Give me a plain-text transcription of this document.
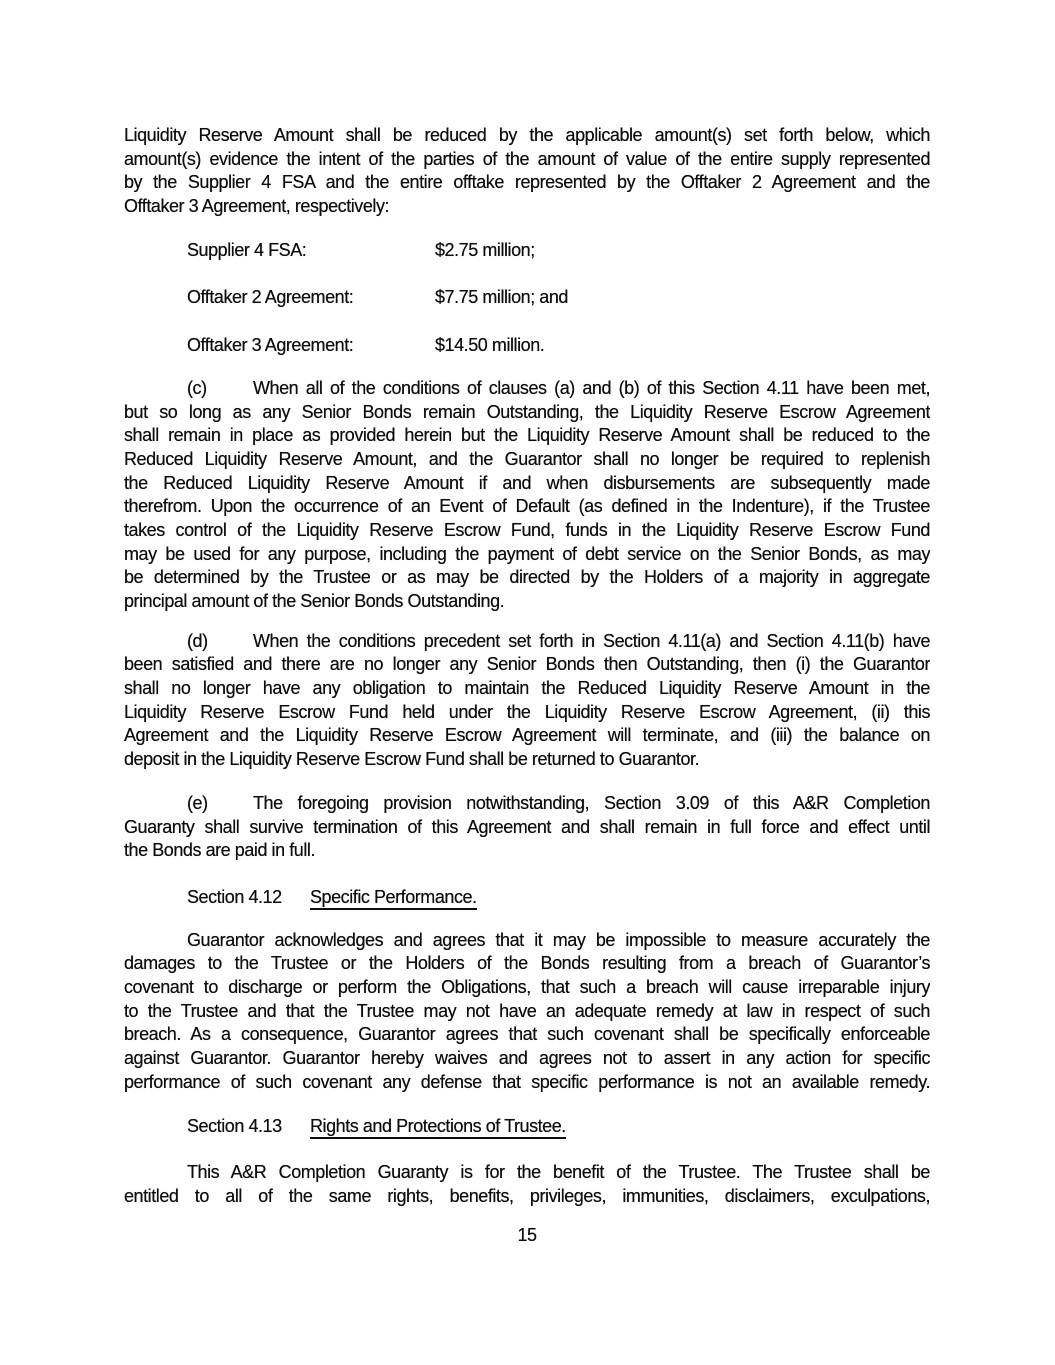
Liquidity Reserve Amount shall be reduced by the applicable amount(s) set forth below, which
amount(s) evidence the intent of the parties of the amount of value of the entire supply represented
by the Supplier 4 FSA and the entire offtake represented by the Offtaker 2 Agreement and the
Offtaker 3 Agreement, respectively:
Supplier 4 FSA:	$2.75 million;
Offtaker 2 Agreement:	$7.75 million; and
Offtaker 3 Agreement:	$14.50 million.
(c)	When all of the conditions of clauses (a) and (b) of this Section 4.11 have been met,
but so long as any Senior Bonds remain Outstanding, the Liquidity Reserve Escrow Agreement
shall remain in place as provided herein but the Liquidity Reserve Amount shall be reduced to the
Reduced Liquidity Reserve Amount, and the Guarantor shall no longer be required to replenish
the Reduced Liquidity Reserve Amount if and when disbursements are subsequently made
therefrom. Upon the occurrence of an Event of Default (as defined in the Indenture), if the Trustee
takes control of the Liquidity Reserve Escrow Fund, funds in the Liquidity Reserve Escrow Fund
may be used for any purpose, including the payment of debt service on the Senior Bonds, as may
be determined by the Trustee or as may be directed by the Holders of a majority in aggregate
principal amount of the Senior Bonds Outstanding.
(d)	When the conditions precedent set forth in Section 4.11(a) and Section 4.11(b) have
been satisfied and there are no longer any Senior Bonds then Outstanding, then (i) the Guarantor
shall no longer have any obligation to maintain the Reduced Liquidity Reserve Amount in the
Liquidity Reserve Escrow Fund held under the Liquidity Reserve Escrow Agreement, (ii) this
Agreement and the Liquidity Reserve Escrow Agreement will terminate, and (iii) the balance on
deposit in the Liquidity Reserve Escrow Fund shall be returned to Guarantor.
(e)	The foregoing provision notwithstanding, Section 3.09 of this A&R Completion
Guaranty shall survive termination of this Agreement and shall remain in full force and effect until
the Bonds are paid in full.
Section 4.12 Specific Performance.
Guarantor acknowledges and agrees that it may be impossible to measure accurately the
damages to the Trustee or the Holders of the Bonds resulting from a breach of Guarantor’s
covenant to discharge or perform the Obligations, that such a breach will cause irreparable injury
to the Trustee and that the Trustee may not have an adequate remedy at law in respect of such
breach. As a consequence, Guarantor agrees that such covenant shall be specifically enforceable
against Guarantor. Guarantor hereby waives and agrees not to assert in any action for specific
performance of such covenant any defense that specific performance is not an available remedy.
Section 4.13 Rights and Protections of Trustee.
This A&R Completion Guaranty is for the benefit of the Trustee. The Trustee shall be
entitled to all of the same rights, benefits, privileges, immunities, disclaimers, exculpations,
15
